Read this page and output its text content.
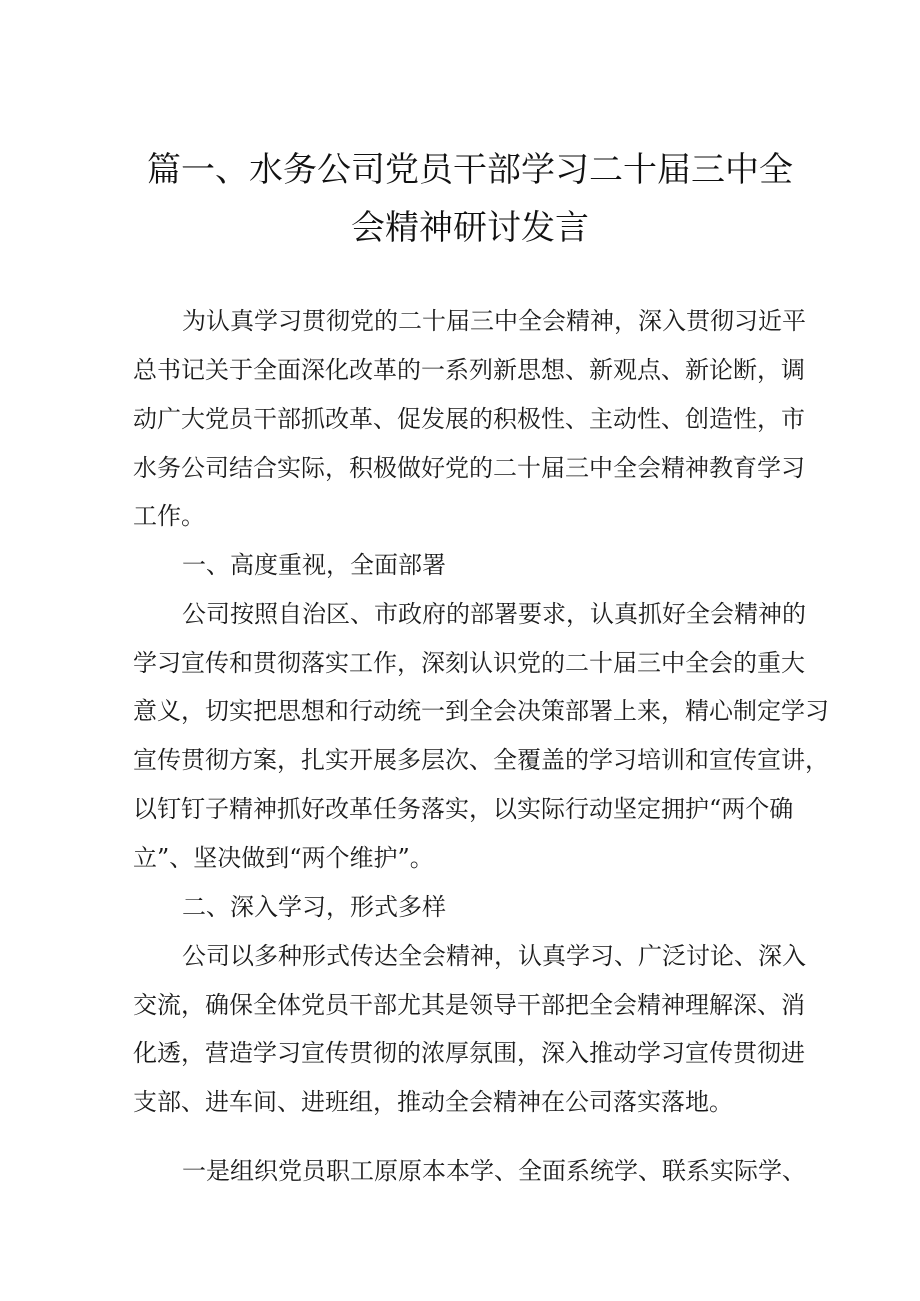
篇一、水务公司党员干部学习二十届三中全
会精神研讨发言
为认真学习贯彻党的二十届三中全会精神，深入贯彻习近平
总书记关于全面深化改革的一系列新思想、新观点、新论断，调
动广大党员干部抓改革、促发展的积极性、主动性、创造性，市
水务公司结合实际，积极做好党的二十届三中全会精神教育学习
工作。
一、高度重视，全面部署
公司按照自治区、市政府的部署要求，认真抓好全会精神的
学习宣传和贯彻落实工作，深刻认识党的二十届三中全会的重大
意义，切实把思想和行动统一到全会决策部署上来，精心制定学习
宣传贯彻方案，扎实开展多层次、全覆盖的学习培训和宣传宣讲，
以钉钉子精神抓好改革任务落实，以实际行动坚定拥护“两个确
立”、坚决做到“两个维护”。
二、深入学习，形式多样
公司以多种形式传达全会精神，认真学习、广泛讨论、深入
交流，确保全体党员干部尤其是领导干部把全会精神理解深、消
化透，营造学习宣传贯彻的浓厚氛围，深入推动学习宣传贯彻进
支部、进车间、进班组，推动全会精神在公司落实落地。
一是组织党员职工原原本本学、全面系统学、联系实际学、
